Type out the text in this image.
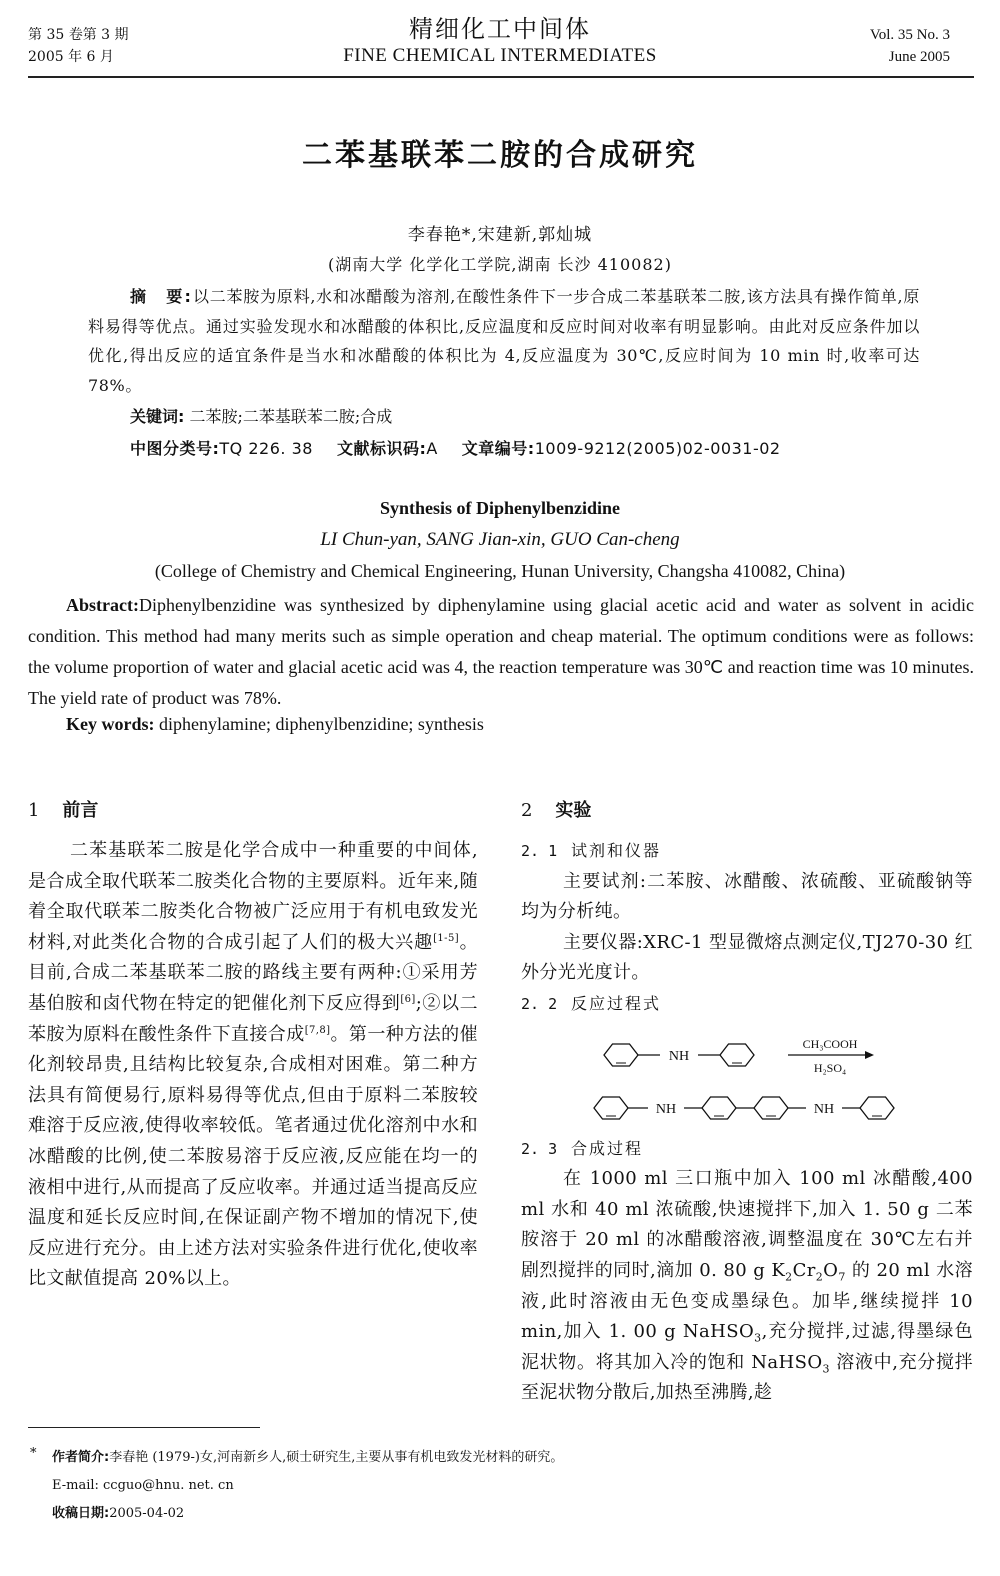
第 35 卷第 3 期
2005 年 6 月
精细化工中间体
FINE CHEMICAL INTERMEDIATES
Vol. 35 No. 3
June 2005
二苯基联苯二胺的合成研究
李春艳*,宋建新,郭灿城
(湖南大学 化学化工学院,湖南 长沙 410082)
摘　要:以二苯胺为原料,水和冰醋酸为溶剂,在酸性条件下一步合成二苯基联苯二胺,该方法具有操作简单,原料易得等优点。通过实验发现水和冰醋酸的体积比,反应温度和反应时间对收率有明显影响。由此对反应条件加以优化,得出反应的适宜条件是当水和冰醋酸的体积比为 4,反应温度为 30℃,反应时间为 10 min 时,收率可达 78%。
关键词: 二苯胺;二苯基联苯二胺;合成
中图分类号:TQ 226. 38 文献标识码:A 文章编号:1009-9212(2005)02-0031-02
Synthesis of Diphenylbenzidine
LI Chun-yan, SANG Jian-xin, GUO Can-cheng
(College of Chemistry and Chemical Engineering, Hunan University, Changsha 410082, China)
Abstract:Diphenylbenzidine was synthesized by diphenylamine using glacial acetic acid and water as solvent in acidic condition. This method had many merits such as simple operation and cheap material. The optimum conditions were as follows: the volume proportion of water and glacial acetic acid was 4, the reaction temperature was 30℃ and reaction time was 10 minutes. The yield rate of product was 78%.
Key words: diphenylamine; diphenylbenzidine; synthesis
1 前言	2 实验
二苯基联苯二胺是化学合成中一种重要的中间体,是合成全取代联苯二胺类化合物的主要原料。近年来,随着全取代联苯二胺类化合物被广泛应用于有机电致发光材料,对此类化合物的合成引起了人们的极大兴趣[1-5]。目前,合成二苯基联苯二胺的路线主要有两种:①采用芳基伯胺和卤代物在特定的钯催化剂下反应得到[6];②以二苯胺为原料在酸性条件下直接合成[7,8]。第一种方法的催化剂较昂贵,且结构比较复杂,合成相对困难。第二种方法具有简便易行,原料易得等优点,但由于原料二苯胺较难溶于反应液,使得收率较低。笔者通过优化溶剂中水和冰醋酸的比例,使二苯胺易溶于反应液,反应能在均一的液相中进行,从而提高了反应收率。并通过适当提高反应温度和延长反应时间,在保证副产物不增加的情况下,使反应进行充分。由上述方法对实验条件进行优化,使收率比文献值提高 20%以上。
2. 1 试剂和仪器
主要试剂:二苯胺、冰醋酸、浓硫酸、亚硫酸钠等均为分析纯。
主要仪器:XRC-1 型显微熔点测定仪,TJ270-30 红外分光光度计。
2. 2 反应过程式
2. 3 合成过程
在 1000 ml 三口瓶中加入 100 ml 冰醋酸,400 ml 水和 40 ml 浓硫酸,快速搅拌下,加入 1. 50 g 二苯胺溶于 20 ml 的冰醋酸溶液,调整温度在 30℃左右并剧烈搅拌的同时,滴加 0. 80 g $K_2Cr_2O_7$ 的 20 ml 水溶液,此时溶液由无色变成墨绿色。加毕,继续搅拌 10 min,加入 1. 00 g NaHSO$_3$,充分搅拌,过滤,得墨绿色泥状物。将其加入冷的饱和 NaHSO$_3$ 溶液中,充分搅拌至泥状物分散后,加热至沸腾,趁
NH
CH₃COOH
H₂SO₄
NH	NH
* 作者简介:李春艳 (1979-)女,河南新乡人,硕士研究生,主要从事有机电致发光材料的研究。
E-mail: ccguo@hnu. net. cn
收稿日期:2005-04-02
